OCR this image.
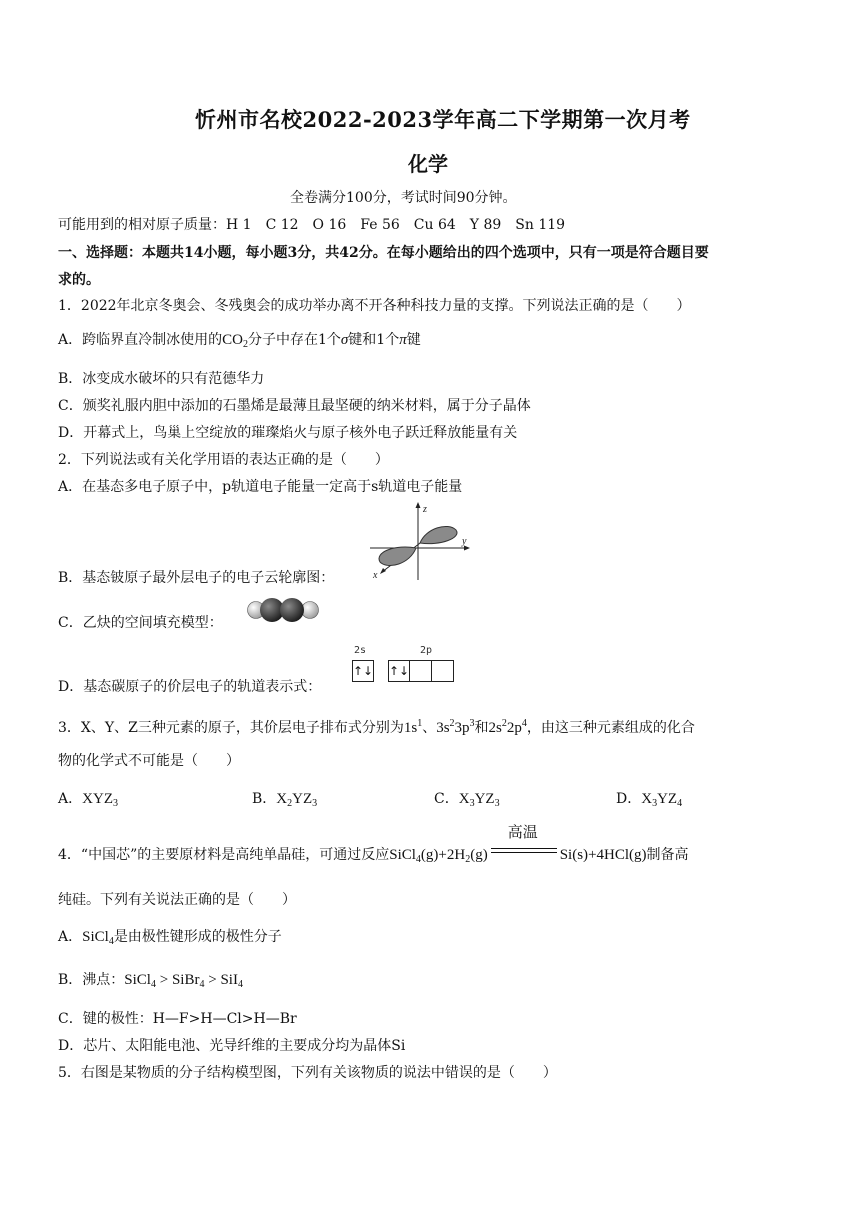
忻州市名校2022-2023学年高二下学期第一次月考
化学
全卷满分100分，考试时间90分钟。
可能用到的相对原子质量：H 1　C 12　O 16　Fe 56　Cu 64　Y 89　Sn 119
一、选择题：本题共14小题，每小题3分，共42分。在每小题给出的四个选项中，只有一项是符合题目要
求的。
1．2022年北京冬奥会、冬残奥会的成功举办离不开各种科技力量的支撑。下列说法正确的是（　　）
A．跨临界直冷制冰使用的$CO_2$分子中存在1个σ键和1个π键
B．冰变成水破坏的只有范德华力
C．颁奖礼服内胆中添加的石墨烯是最薄且最坚硬的纳米材料，属于分子晶体
D．开幕式上，鸟巢上空绽放的璀璨焰火与原子核外电子跃迁释放能量有关
2．下列说法或有关化学用语的表达正确的是（　　）
A．在基态多电子原子中，p轨道电子能量一定高于s轨道电子能量
z
y
x
B．基态铍原子最外层电子的电子云轮廓图：
C．乙炔的空间填充模型：
2s	2p
↑↓ ↑↓
D．基态碳原子的价层电子的轨道表示式：
3．X、Y、Z三种元素的原子，其价层电子排布式分别为$1s^1$、$3s^23p^3$和$2s^22p^4$，由这三种元素组成的化合
物的化学式不可能是（　　）
A．$XYZ_3$	B．$X_2YZ_3$	C．$X_3YZ_3$	D．$X_3YZ_4$
4．“中国芯”的主要原材料是高纯单晶硅，可通过反应$SiCl_4(g)+2H_2(g)$
高温
Si(s)+4HCl(g)制备高
纯硅。下列有关说法正确的是（　　）
A．SiCl$_4$是由极性键形成的极性分子
B．沸点：SiCl$_4$ > SiBr$_4$ > SiI$_4$
C．键的极性：H—F>H—Cl>H—Br
D．芯片、太阳能电池、光导纤维的主要成分均为晶体Si
5．右图是某物质的分子结构模型图，下列有关该物质的说法中错误的是（　　）
